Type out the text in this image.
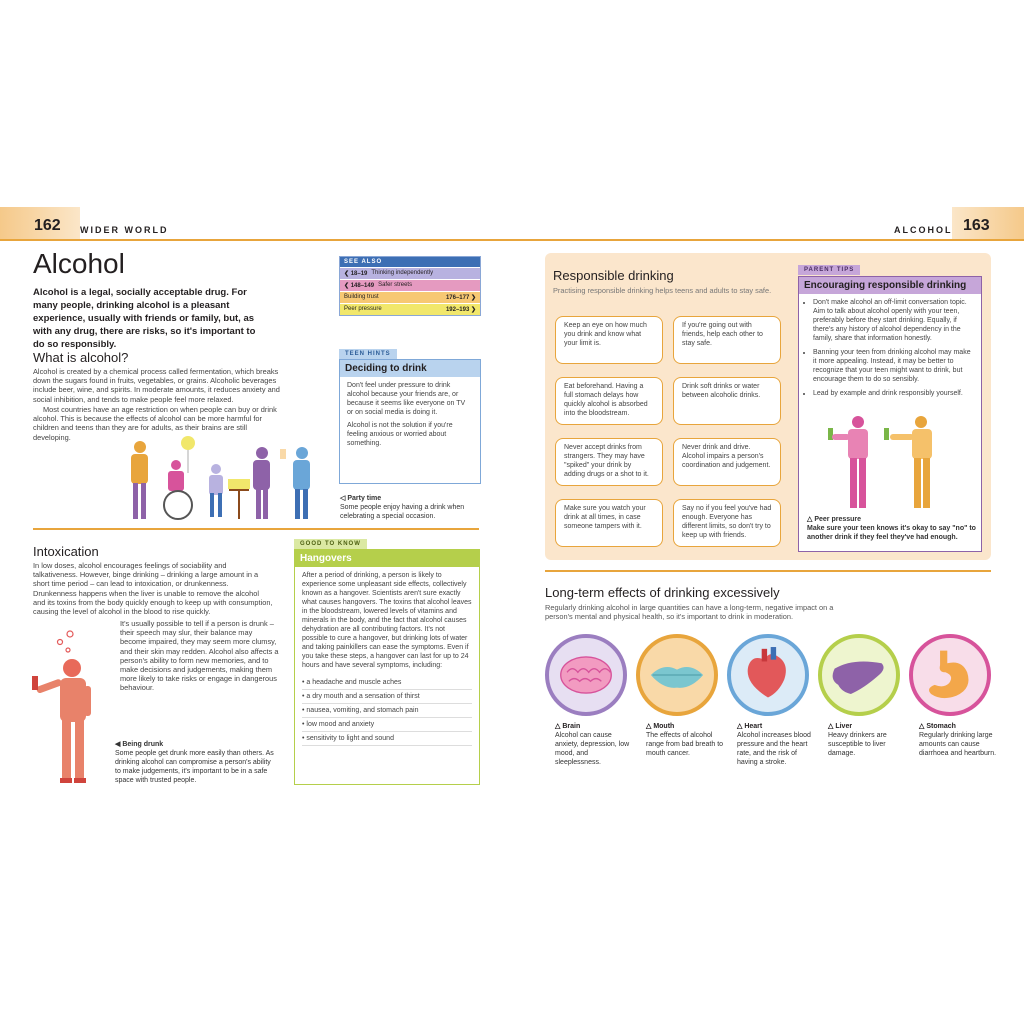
162 WIDER WORLD	ALCOHOL 163
Alcohol
Alcohol is a legal, socially acceptable drug. For many people, drinking alcohol is a pleasant experience, usually with friends or family, but, as with any drug, there are risks, so it's important to do so responsibly.
SEE ALSO
❮ 18–19 Thinking independently
❮ 148–149 Safer streets
Building trust	176–177 ❯
Peer pressure	192–193 ❯
What is alcohol?
Alcohol is created by a chemical process called fermentation, which breaks down the sugars found in fruits, vegetables, or grains. Alcoholic beverages include beer, wine, and spirits. In moderate amounts, it reduces anxiety and social inhibition, and tends to make people feel more relaxed.
Most countries have an age restriction on when people can buy or drink alcohol. This is because the effects of alcohol can be more harmful for children and teens than they are for adults, as their brains are still developing.
TEEN HINTS
Deciding to drink
Don't feel under pressure to drink alcohol because your friends are, or because it seems like everyone on TV or on social media is doing it.
Alcohol is not the solution if you're feeling anxious or worried about something.
◁ Party time
Some people enjoy having a drink when celebrating a special occasion.
Intoxication
In low doses, alcohol encourages feelings of sociability and talkativeness. However, binge drinking – drinking a large amount in a short time period – can lead to intoxication, or drunkenness. Drunkenness happens when the liver is unable to remove the alcohol and its toxins from the body quickly enough to keep up with consumption, causing the level of alcohol in the blood to rise quickly.
It's usually possible to tell if a person is drunk – their speech may slur, their balance may become impaired, they may seem more clumsy, and their skin may redden. Alcohol also affects a person's ability to form new memories, and to make decisions and judgements, making them more likely to take risks or engage in dangerous behaviour.
◀ Being drunk
Some people get drunk more easily than others. As drinking alcohol can compromise a person's ability to make judgements, it's important to be in a safe space with trusted people.
GOOD TO KNOW
Hangovers
After a period of drinking, a person is likely to experience some unpleasant side effects, collectively known as a hangover. Scientists aren't sure exactly what causes hangovers. The toxins that alcohol leaves in the bloodstream, lowered levels of vitamins and minerals in the body, and the fact that alcohol causes dehydration are all contributing factors. It's not possible to cure a hangover, but drinking lots of water and taking painkillers can ease the symptoms. Even if you take these steps, a hangover can last for up to 24 hours and have several symptoms, including:
• a headache and muscle aches
• a dry mouth and a sensation of thirst
• nausea, vomiting, and stomach pain
• low mood and anxiety
• sensitivity to light and sound
Responsible drinking
Practising responsible drinking helps teens and adults to stay safe.
Keep an eye on how much you drink and know what your limit is.
If you're going out with friends, help each other to stay safe.
Eat beforehand. Having a full stomach delays how quickly alcohol is absorbed into the bloodstream.
Drink soft drinks or water between alcoholic drinks.
Never accept drinks from strangers. They may have "spiked" your drink by adding drugs or a shot to it.
Never drink and drive. Alcohol impairs a person's coordination and judgement.
Make sure you watch your drink at all times, in case someone tampers with it.
Say no if you feel you've had enough. Everyone has different limits, so don't try to keep up with friends.
PARENT TIPS
Encouraging responsible drinking
• Don't make alcohol an off-limit conversation topic. Aim to talk about alcohol openly with your teen, preferably before they start drinking. Equally, if there's any history of alcohol dependency in the family, share that information honestly.
• Banning your teen from drinking alcohol may make it more appealing. Instead, it may be better to recognize that your teen might want to drink, but encourage them to do so sensibly.
• Lead by example and drink responsibly yourself.
△ Peer pressure
Make sure your teen knows it's okay to say "no" to another drink if they feel they've had enough.
Long-term effects of drinking excessively
Regularly drinking alcohol in large quantities can have a long-term, negative impact on a person's mental and physical health, so it's important to drink in moderation.
△ Brain
Alcohol can cause anxiety, depression, low mood, and sleeplessness.
△ Mouth
The effects of alcohol range from bad breath to mouth cancer.
△ Heart
Alcohol increases blood pressure and the heart rate, and the risk of having a stroke.
△ Liver
Heavy drinkers are susceptible to liver damage.
△ Stomach
Regularly drinking large amounts can cause diarrhoea and heartburn.
